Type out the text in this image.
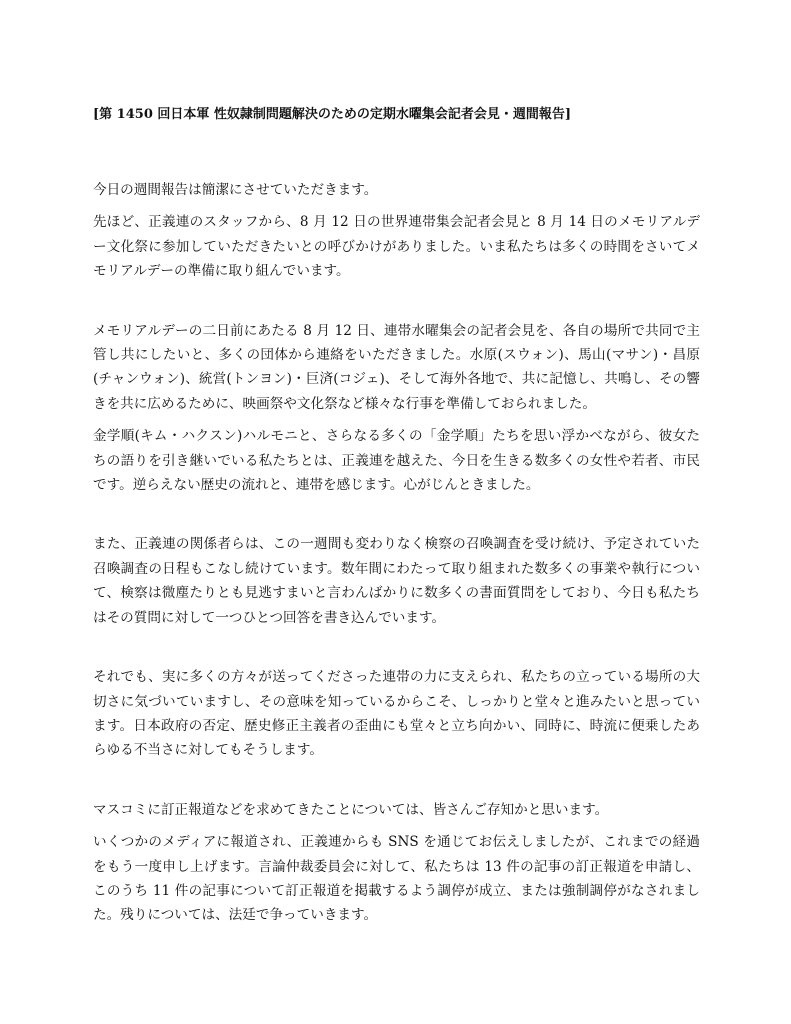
[第 1450 回日本軍 性奴隷制問題解決のための定期水曜集会記者会見・週間報告]

今日の週間報告は簡潔にさせていただきます。

先ほど、正義連のスタッフから、8 月 12 日の世界連帯集会記者会見と 8 月 14 日のメモリアルデー文化祭に参加していただきたいとの呼びかけがありました。いま私たちは多くの時間をさいてメモリアルデーの準備に取り組んでいます。

メモリアルデーの二日前にあたる 8 月 12 日、連帯水曜集会の記者会見を、各自の場所で共同で主管し共にしたいと、多くの団体から連絡をいただきました。水原(スウォン)、馬山(マサン)・昌原(チャンウォン)、統営(トンヨン)・巨済(コジェ)、そして海外各地で、共に記憶し、共鳴し、その響きを共に広めるために、映画祭や文化祭など様々な行事を準備しておられました。

金学順(キム・ハクスン)ハルモニと、さらなる多くの「金学順」たちを思い浮かべながら、彼女たちの語りを引き継いでいる私たちとは、正義連を越えた、今日を生きる数多くの女性や若者、市民です。逆らえない歴史の流れと、連帯を感じます。心がじんときました。

また、正義連の関係者らは、この一週間も変わりなく検察の召喚調査を受け続け、予定されていた召喚調査の日程もこなし続けています。数年間にわたって取り組まれた数多くの事業や執行について、検察は微塵たりとも見逃すまいと言わんばかりに数多くの書面質問をしており、今日も私たちはその質問に対して一つひとつ回答を書き込んでいます。

それでも、実に多くの方々が送ってくださった連帯の力に支えられ、私たちの立っている場所の大切さに気づいていますし、その意味を知っているからこそ、しっかりと堂々と進みたいと思っています。日本政府の否定、歴史修正主義者の歪曲にも堂々と立ち向かい、同時に、時流に便乗したあらゆる不当さに対してもそうします。

マスコミに訂正報道などを求めてきたことについては、皆さんご存知かと思います。

いくつかのメディアに報道され、正義連からも SNS を通じてお伝えしましたが、これまでの経過をもう一度申し上げます。言論仲裁委員会に対して、私たちは 13 件の記事の訂正報道を申請し、このうち 11 件の記事について訂正報道を掲載するよう調停が成立、または強制調停がなされました。残りについては、法廷で争っていきます。
